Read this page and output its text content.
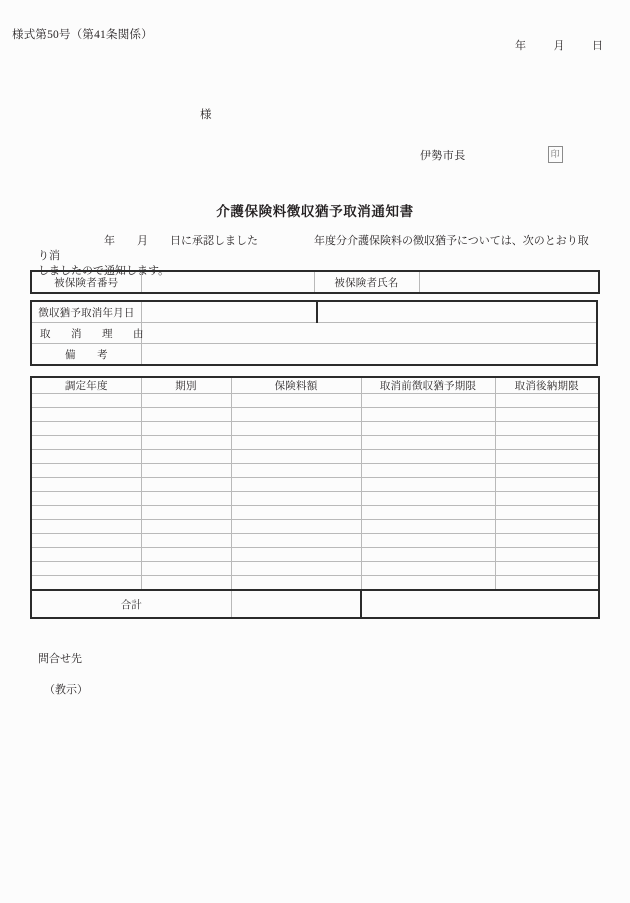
様式第50号（第41条関係）
年	月	日
様
伊勢市長	印
介護保険料徴収猶予取消通知書
年 月 日に承認しました	年度分介護保険料の徴収猶予については、次のとおり取り消
しましたので通知します。
被保険者番号		被保険者氏名	
徴収猶予取消年月日		
取　消　理　由		
備　　考		
調定年度	期別	保険料額	取消前徴収猶予期限	取消後納期限

合計				
問合せ先
（教示）
